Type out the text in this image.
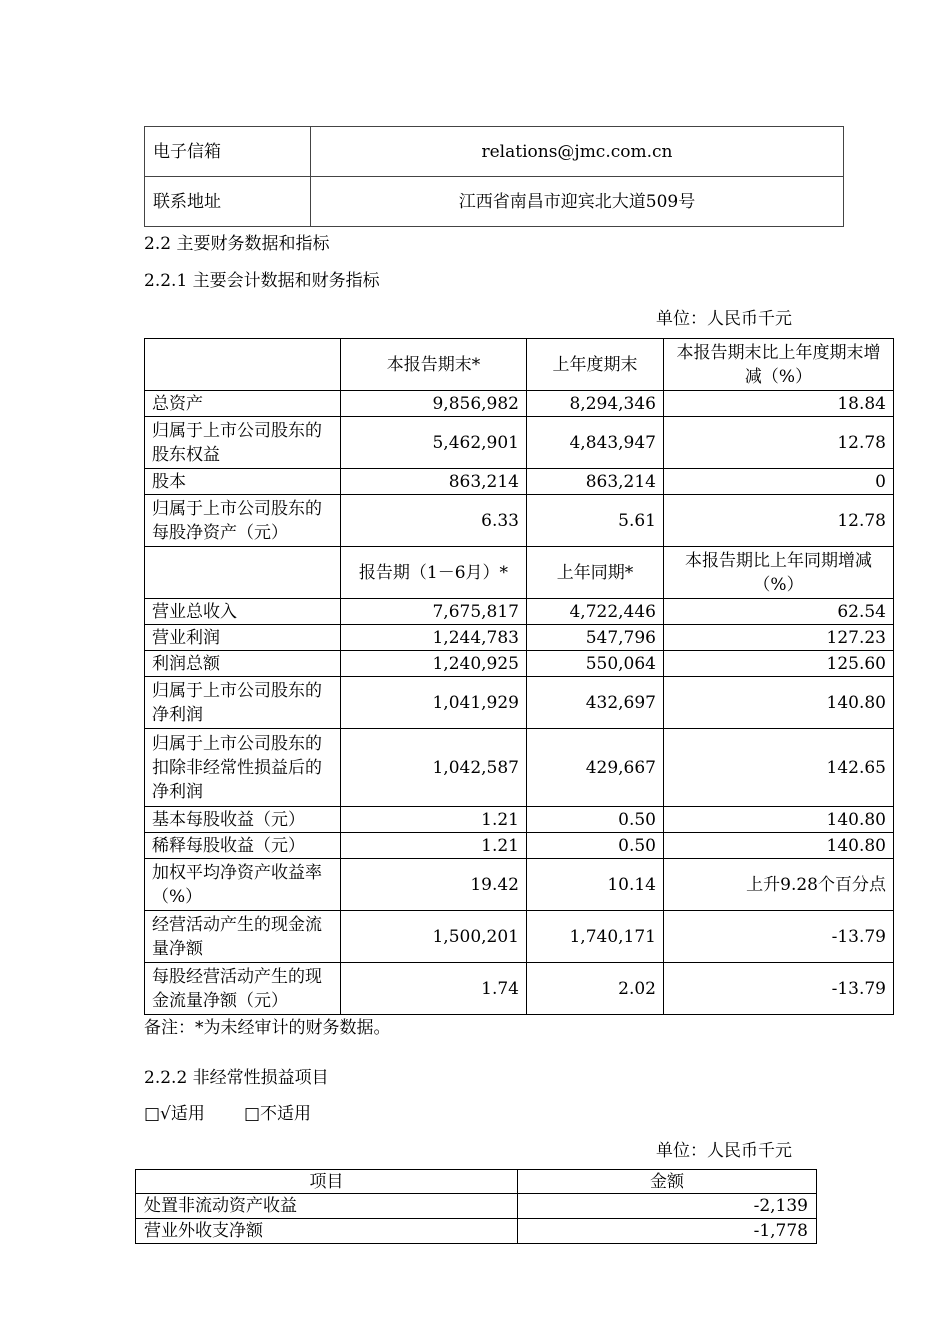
电子信箱	relations@jmc.com.cn
联系地址	江西省南昌市迎宾北大道509号
2.2 主要财务数据和指标
2.2.1 主要会计数据和财务指标
单位：人民币千元
	本报告期末*	上年度期末	本报告期末比上年度期末增减（%）
总资产	9,856,982	8,294,346	18.84
归属于上市公司股东的股东权益	5,462,901	4,843,947	12.78
股本	863,214	863,214	0
归属于上市公司股东的每股净资产（元）	6.33	5.61	12.78
	报告期（1－6月）*	上年同期*	本报告期比上年同期增减（%）
营业总收入	7,675,817	4,722,446	62.54
营业利润	1,244,783	547,796	127.23
利润总额	1,240,925	550,064	125.60
归属于上市公司股东的净利润	1,041,929	432,697	140.80
归属于上市公司股东的扣除非经常性损益后的净利润	1,042,587	429,667	142.65
基本每股收益（元）	1.21	0.50	140.80
稀释每股收益（元）	1.21	0.50	140.80
加权平均净资产收益率（%）	19.42	10.14	上升9.28个百分点
经营活动产生的现金流量净额	1,500,201	1,740,171	-13.79
每股经营活动产生的现金流量净额（元）	1.74	2.02	-13.79
备注：*为未经审计的财务数据。
2.2.2 非经常性损益项目
□√适用 □不适用
单位：人民币千元
项目	金额
处置非流动资产收益	-2,139
营业外收支净额	-1,778
